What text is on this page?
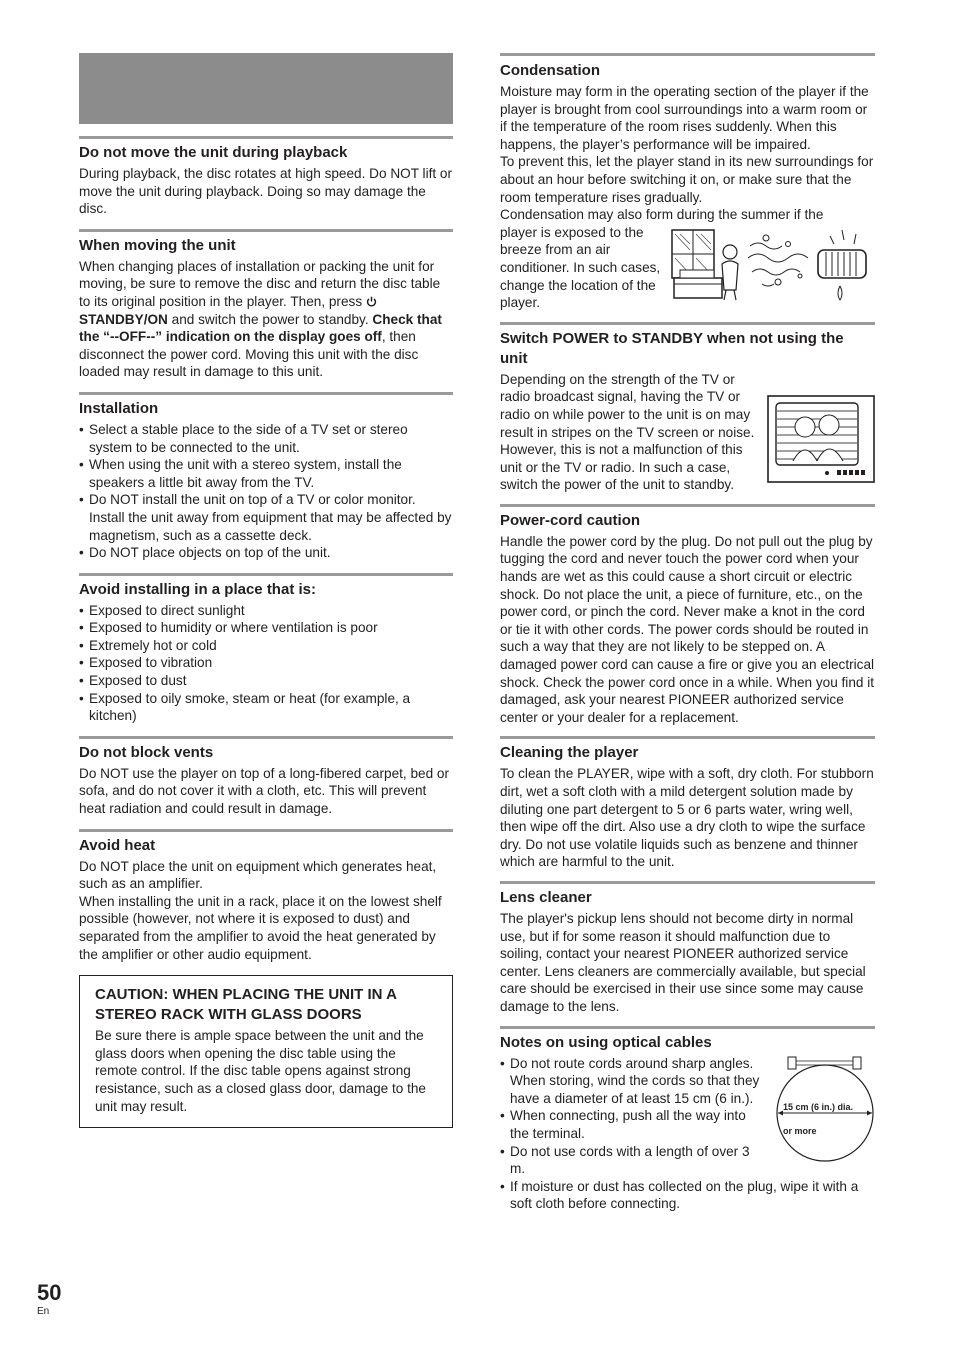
Do not move the unit during playback

During playback, the disc rotates at high speed. Do NOT lift or move the unit during playback. Doing so may damage the disc.

When moving the unit

When changing places of installation or packing the unit for moving, be sure to remove the disc and return the disc table to its original position in the player. Then, press  STANDBY/ON and switch the power to standby. Check that the “--OFF--” indication on the display goes off, then disconnect the power cord. Moving this unit with the disc loaded may result in damage to this unit.

Installation
• Select a stable place to the side of a TV set or stereo system to be connected to the unit.
• When using the unit with a stereo system, install the speakers a little bit away from the TV.
• Do NOT install the unit on top of a TV or color monitor. Install the unit away from equipment that may be affected by magnetism, such as a cassette deck.
• Do NOT place objects on top of the unit.
Avoid installing in a place that is:
• Exposed to direct sunlight
• Exposed to humidity or where ventilation is poor
• Extremely hot or cold
• Exposed to vibration
• Exposed to dust
• Exposed to oily smoke, steam or heat (for example, a kitchen)
Do not block vents

Do NOT use the player on top of a long-fibered carpet, bed or sofa, and do not cover it with a cloth, etc. This will prevent heat radiation and could result in damage.

Avoid heat

Do NOT place the unit on equipment which generates heat, such as an amplifier.

When installing the unit in a rack, place it on the lowest shelf possible (however, not where it is exposed to dust) and separated from the amplifier to avoid the heat generated by the amplifier or other audio equipment.

CAUTION: WHEN PLACING THE UNIT IN A STEREO RACK WITH GLASS DOORS

Be sure there is ample space between the unit and the glass doors when opening the disc table using the remote control. If the disc table opens against strong resistance, such as a closed glass door, damage to the unit may result.

Condensation

Moisture may form in the operating section of the player if the player is brought from cool surroundings into a warm room or if the temperature of the room rises suddenly. When this happens, the player’s performance will be impaired.

To prevent this, let the player stand in its new surroundings for about an hour before switching it on, or make sure that the room temperature rises gradually.

Condensation may also form during the summer if the

player is exposed to the breeze from an air conditioner. In such cases, change the location of the player.

Switch POWER to STANDBY when not using the unit

Depending on the strength of the TV or radio broadcast signal, having the TV or radio on while power to the unit is on may result in stripes on the TV screen or noise. However, this is not a malfunction of this unit or the TV or radio. In such a case, switch the power of the unit to standby.

Power-cord caution

Handle the power cord by the plug. Do not pull out the plug by tugging the cord and never touch the power cord when your hands are wet as this could cause a short circuit or electric shock. Do not place the unit, a piece of furniture, etc., on the power cord, or pinch the cord. Never make a knot in the cord or tie it with other cords. The power cords should be routed in such a way that they are not likely to be stepped on. A damaged power cord can cause a fire or give you an electrical shock. Check the power cord once in a while. When you find it damaged, ask your nearest PIONEER authorized service center or your dealer for a replacement.

Cleaning the player

To clean the PLAYER, wipe with a soft, dry cloth. For stubborn dirt, wet a soft cloth with a mild detergent solution made by diluting one part detergent to 5 or 6 parts water, wring well, then wipe off the dirt. Also use a dry cloth to wipe the surface dry. Do not use volatile liquids such as benzene and thinner which are harmful to the unit.

Lens cleaner

The player's pickup lens should not become dirty in normal use, but if for some reason it should malfunction due to soiling, contact your nearest PIONEER authorized service center. Lens cleaners are commercially available, but special care should be exercised in their use since some may cause damage to the lens.

Notes on using optical cables
15 cm (6 in.) dia.
or more
• Do not route cords around sharp angles. When storing, wind the cords so that they have a diameter of at least 15 cm (6 in.).
• When connecting, push all the way into the terminal.
• Do not use cords with a length of over 3 m.
• If moisture or dust has collected on the plug, wipe it with a soft cloth before connecting.
50
En
